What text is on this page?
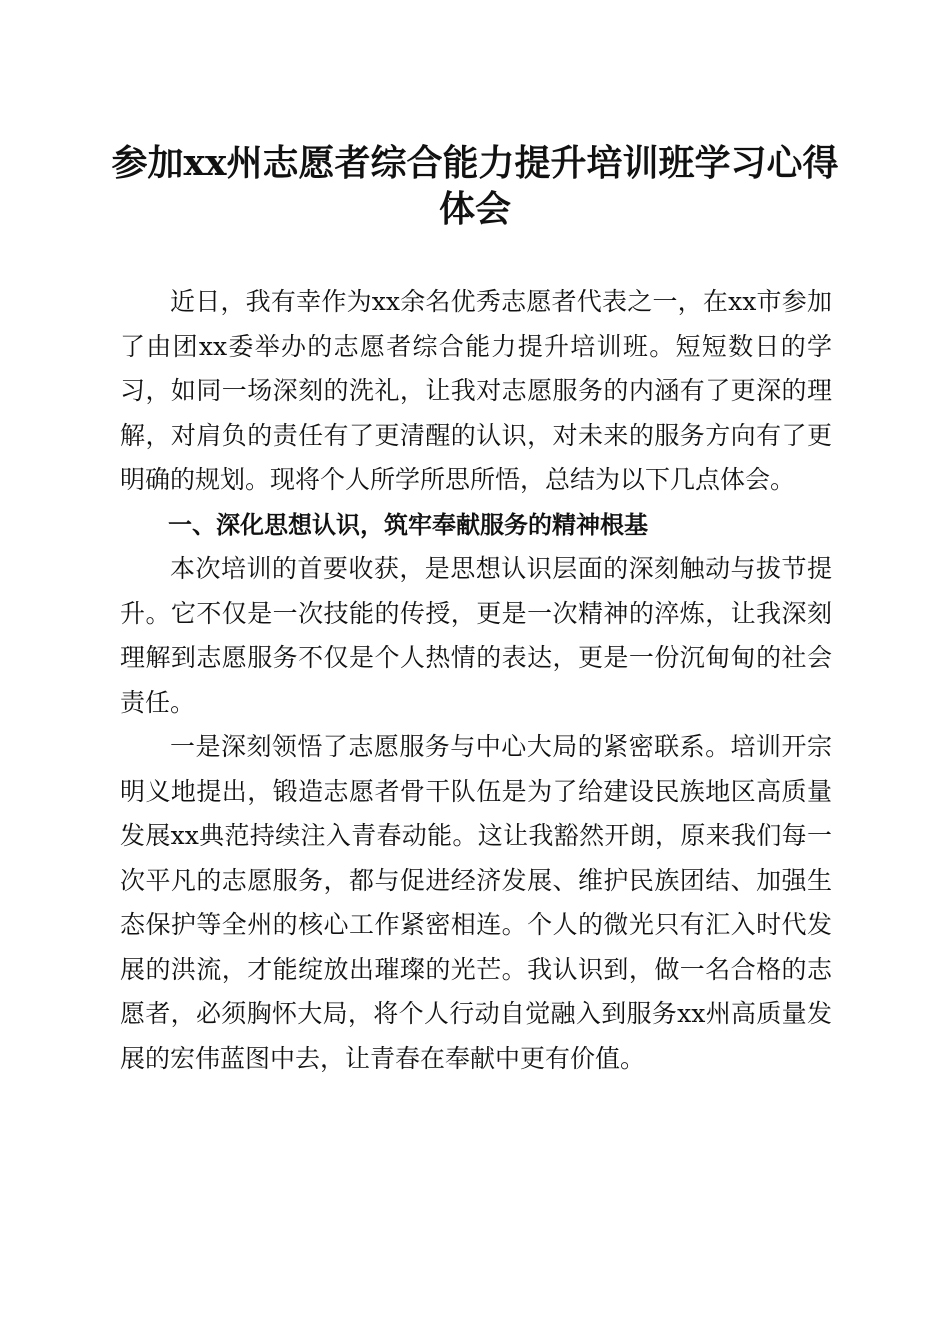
参加xx州志愿者综合能力提升培训班学习心得体会

近日，我有幸作为xx余名优秀志愿者代表之一，在xx市参加了由团xx委举办的志愿者综合能力提升培训班。短短数日的学习，如同一场深刻的洗礼，让我对志愿服务的内涵有了更深的理解，对肩负的责任有了更清醒的认识，对未来的服务方向有了更明确的规划。现将个人所学所思所悟，总结为以下几点体会。

一、深化思想认识，筑牢奉献服务的精神根基

本次培训的首要收获，是思想认识层面的深刻触动与拔节提升。它不仅是一次技能的传授，更是一次精神的淬炼，让我深刻理解到志愿服务不仅是个人热情的表达，更是一份沉甸甸的社会责任。

一是深刻领悟了志愿服务与中心大局的紧密联系。培训开宗明义地提出，锻造志愿者骨干队伍是为了给建设民族地区高质量发展xx典范持续注入青春动能。这让我豁然开朗，原来我们每一次平凡的志愿服务，都与促进经济发展、维护民族团结、加强生态保护等全州的核心工作紧密相连。个人的微光只有汇入时代发展的洪流，才能绽放出璀璨的光芒。我认识到，做一名合格的志愿者，必须胸怀大局，将个人行动自觉融入到服务xx州高质量发展的宏伟蓝图中去，让青春在奉献中更有价值。
